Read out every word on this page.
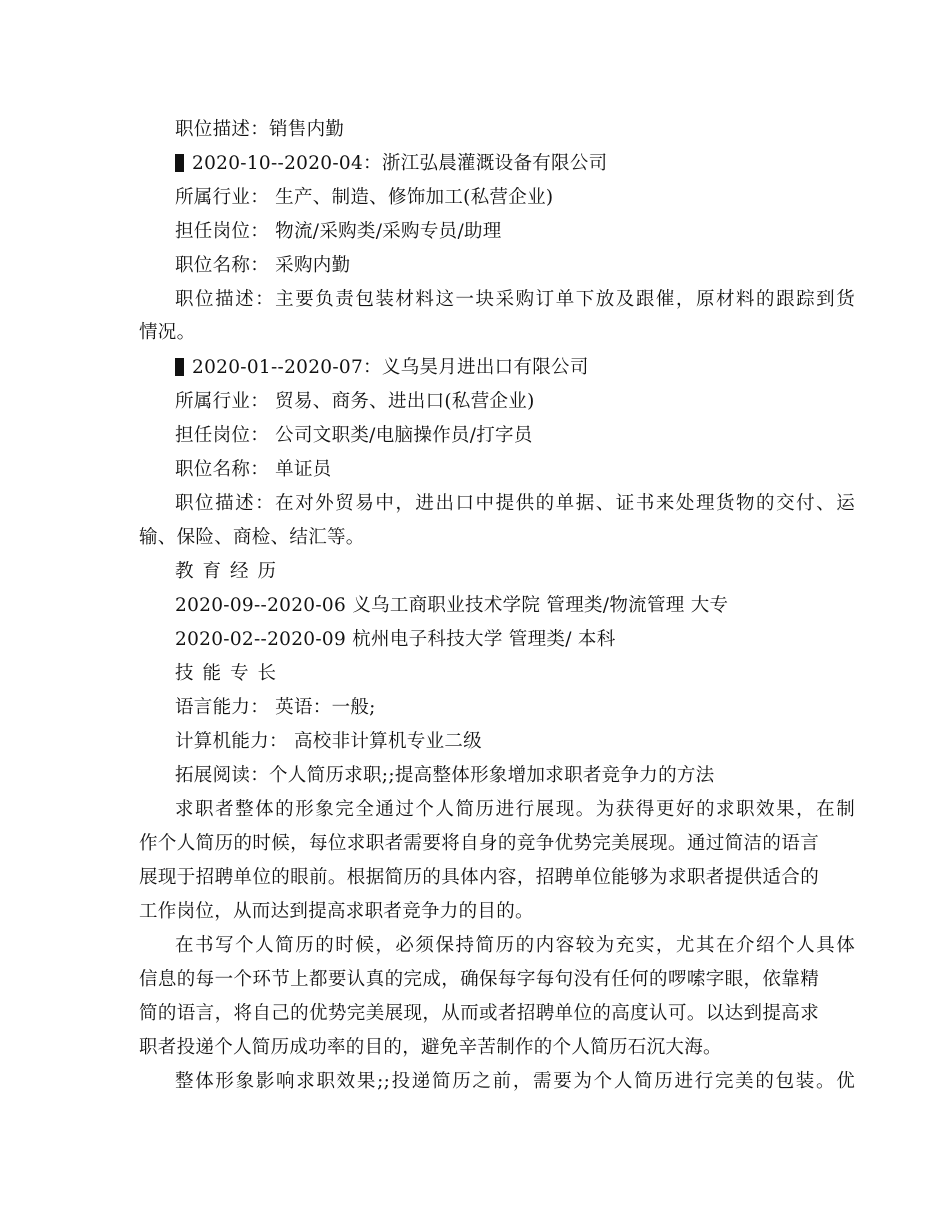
职位描述：销售内勤
2020-10--2020-04：浙江弘晨灌溉设备有限公司
所属行业： 生产、制造、修饰加工(私营企业)
担任岗位： 物流/采购类/采购专员/助理
职位名称： 采购内勤
职位描述：主要负责包装材料这一块采购订单下放及跟催，原材料的跟踪到货
情况。
2020-01--2020-07：义乌昊月进出口有限公司
所属行业： 贸易、商务、进出口(私营企业)
担任岗位： 公司文职类/电脑操作员/打字员
职位名称： 单证员
职位描述：在对外贸易中，进出口中提供的单据、证书来处理货物的交付、运
输、保险、商检、结汇等。
教育经历
2020-09--2020-06 义乌工商职业技术学院 管理类/物流管理 大专
2020-02--2020-09 杭州电子科技大学 管理类/ 本科
技能专长
语言能力： 英语：一般;
计算机能力： 高校非计算机专业二级
拓展阅读：个人简历求职;;提高整体形象增加求职者竞争力的方法
求职者整体的形象完全通过个人简历进行展现。为获得更好的求职效果，在制
作个人简历的时候，每位求职者需要将自身的竞争优势完美展现。通过简洁的语言
展现于招聘单位的眼前。根据简历的具体内容，招聘单位能够为求职者提供适合的
工作岗位，从而达到提高求职者竞争力的目的。
在书写个人简历的时候，必须保持简历的内容较为充实，尤其在介绍个人具体
信息的每一个环节上都要认真的完成，确保每字每句没有任何的啰嗦字眼，依靠精
简的语言，将自己的优势完美展现，从而或者招聘单位的高度认可。以达到提高求
职者投递个人简历成功率的目的，避免辛苦制作的个人简历石沉大海。
整体形象影响求职效果;;投递简历之前，需要为个人简历进行完美的包装。优
